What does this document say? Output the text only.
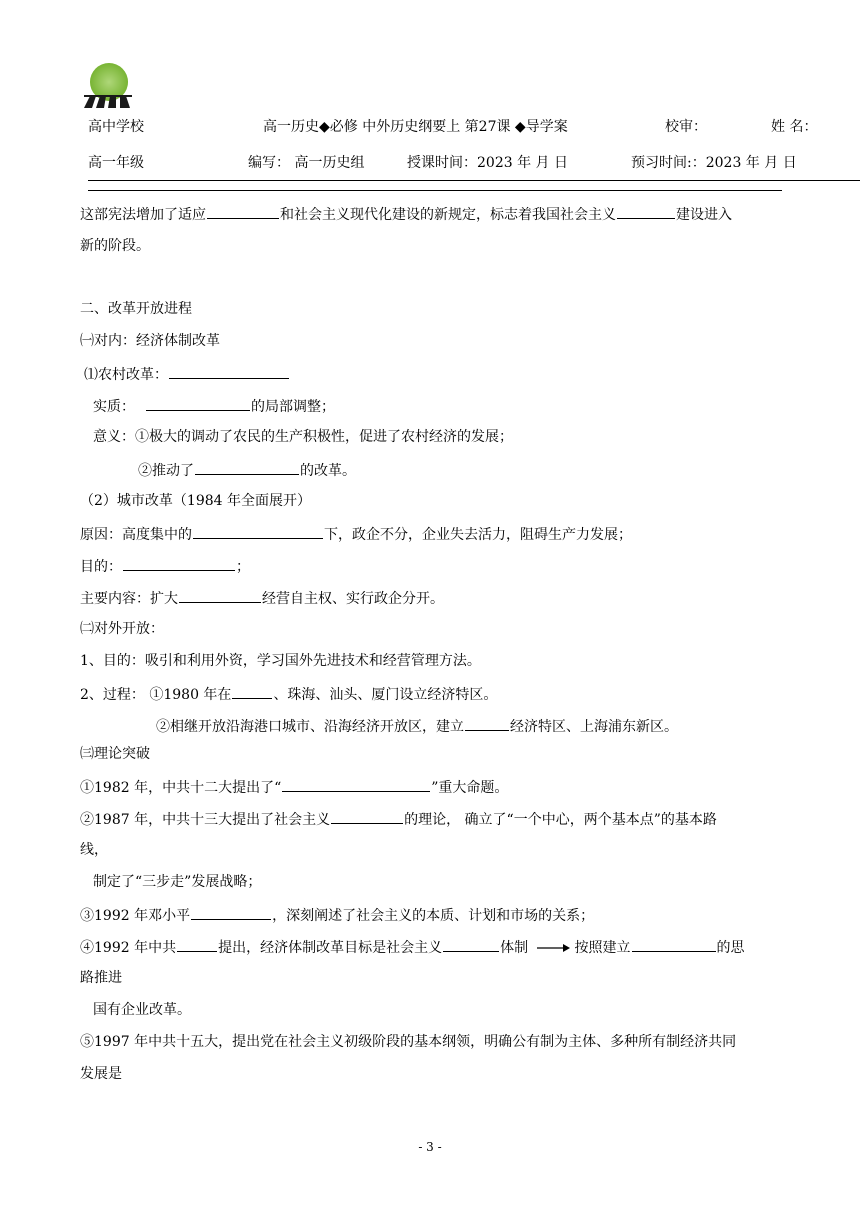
高中学校	高一历史◆必修 中外历史纲要上 第27课 ◆导学案	校审：	姓 名：
高一年级	编写： 高一历史组	授课时间：2023 年 月 日	预习时间:：2023 年 月 日
这部宪法增加了适应	和社会主义现代化建设的新规定，标志着我国社会主义	建设进入
新的阶段。
二、改革开放进程
㈠对内：经济体制改革
⑴农村改革：
实质：	的局部调整；
意义：①极大的调动了农民的生产积极性，促进了农村经济的发展；
②推动了	的改革。
（2）城市改革（1984 年全面展开）
原因：高度集中的	下，政企不分，企业失去活力，阻碍生产力发展；
目的：	；
主要内容：扩大	经营自主权、实行政企分开。
㈡对外开放：
1、目的：吸引和利用外资，学习国外先进技术和经营管理方法。
2、过程： ①1980 年在	、珠海、汕头、厦门设立经济特区。
②相继开放沿海港口城市、沿海经济开放区，建立	经济特区、上海浦东新区。
㈢理论突破
①1982 年，中共十二大提出了“	”重大命题。
②1987 年，中共十三大提出了社会主义	的理论， 确立了“一个中心，两个基本点”的基本路
线，
制定了“三步走”发展战略；
③1992 年邓小平	，深刻阐述了社会主义的本质、计划和市场的关系；
④1992 年中共	提出，经济体制改革目标是社会主义	体制	按照建立	的思
路推进
国有企业改革。
⑤1997 年中共十五大，提出党在社会主义初级阶段的基本纲领，明确公有制为主体、多种所有制经济共同
发展是
- 3 -
